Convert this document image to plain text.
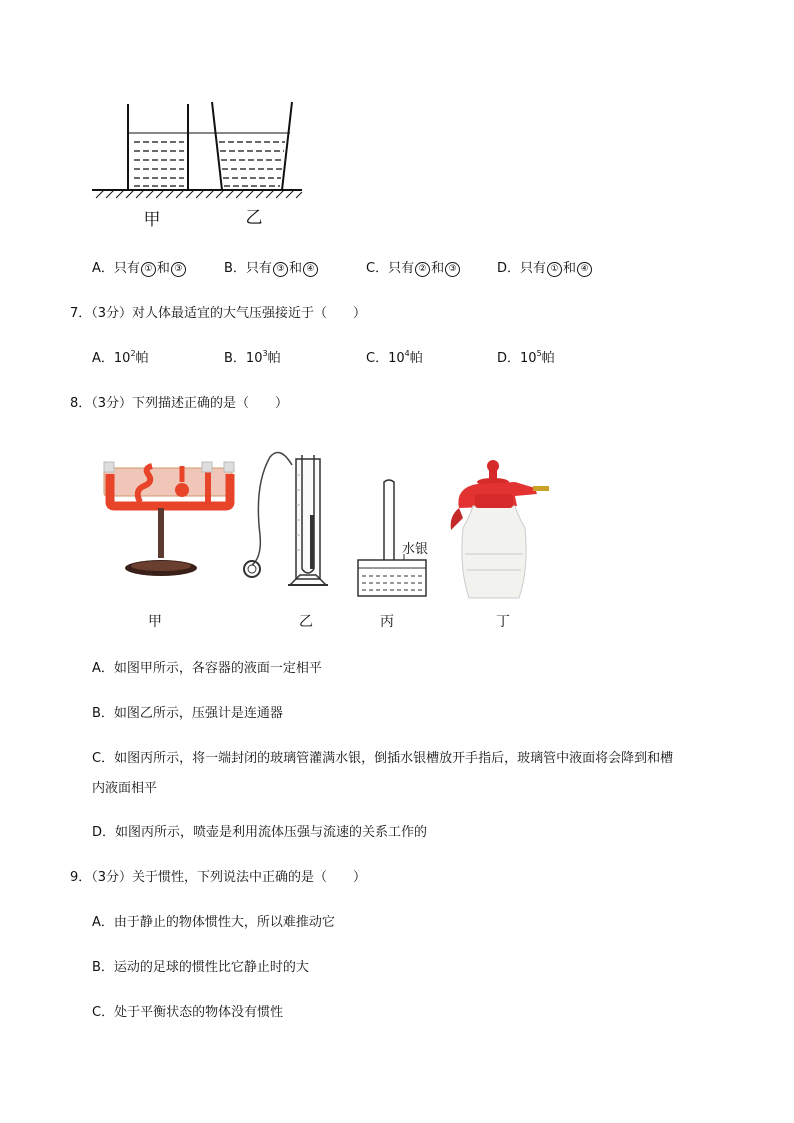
甲	乙
A．只有 ① 和 ③	B．只有 ③ 和 ④	C．只有 ② 和 ③	D．只有 ① 和 ④
7．（3分）对人体最适宜的大气压强接近于（　　）
A．$10^2$帕	B．$10^3$帕	C．$10^4$帕	D．$10^5$帕
8．（3分）下列描述正确的是（　　）
甲	乙
水银
丙	丁
A．如图甲所示，各容器的液面一定相平
B．如图乙所示，压强计是连通器
C．如图丙所示，将一端封闭的玻璃管灌满水银，倒插水银槽放开手指后，玻璃管中液面将会降到和槽
内液面相平
D．如图丙所示，喷壶是利用流体压强与流速的关系工作的
9．（3分）关于惯性，下列说法中正确的是（　　）
A．由于静止的物体惯性大，所以难推动它
B．运动的足球的惯性比它静止时的大
C．处于平衡状态的物体没有惯性
